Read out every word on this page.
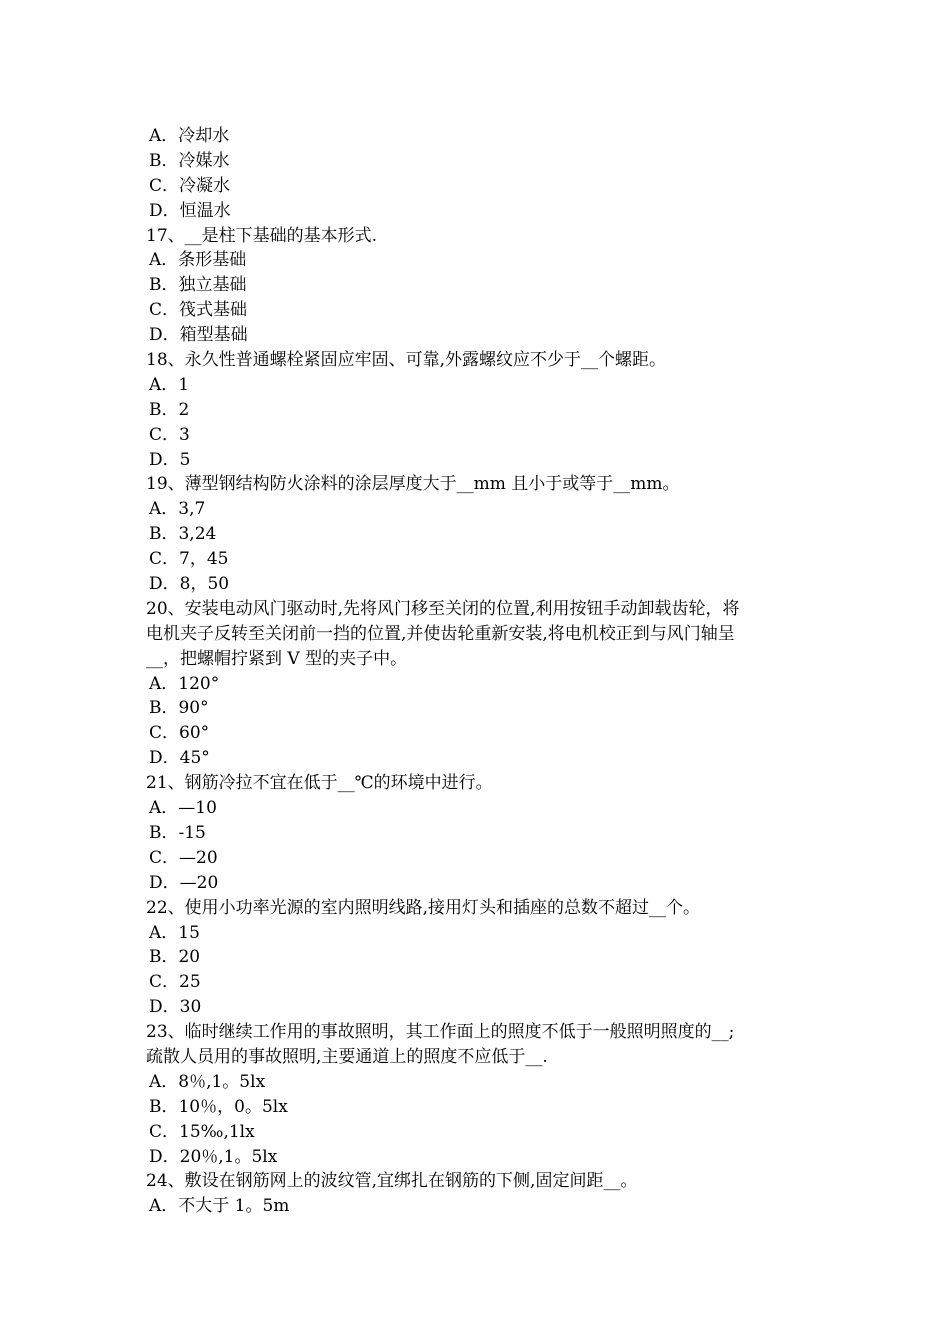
A．冷却水
B．冷媒水
C．冷凝水
D．恒温水
17、__是柱下基础的基本形式.
A．条形基础
B．独立基础
C．筏式基础
D．箱型基础
18、永久性普通螺栓紧固应牢固、可靠,外露螺纹应不少于__个螺距。
A．1
B．2
C．3
D．5
19、薄型钢结构防火涂料的涂层厚度大于__mm 且小于或等于__mm。
A．3,7
B．3,24
C．7，45
D．8，50
20、安装电动风门驱动时,先将风门移至关闭的位置,利用按钮手动卸载齿轮，将
电机夹子反转至关闭前一挡的位置,并使齿轮重新安装,将电机校正到与风门轴呈
__，把螺帽拧紧到 V 型的夹子中。
A．120°
B．90°
C．60°
D．45°
21、钢筋冷拉不宜在低于__℃的环境中进行。
A．—10
B．-15
C．—20
D．—20
22、使用小功率光源的室内照明线路,接用灯头和插座的总数不超过__个。
A．15
B．20
C．25
D．30
23、临时继续工作用的事故照明，其工作面上的照度不低于一般照明照度的__;
疏散人员用的事故照明,主要通道上的照度不应低于__.
A．8％,1。5lx
B．10％，0。5lx
C．15‰,1lx
D．20％,1。5lx
24、敷设在钢筋网上的波纹管,宜绑扎在钢筋的下侧,固定间距__。
A．不大于 1。5m
